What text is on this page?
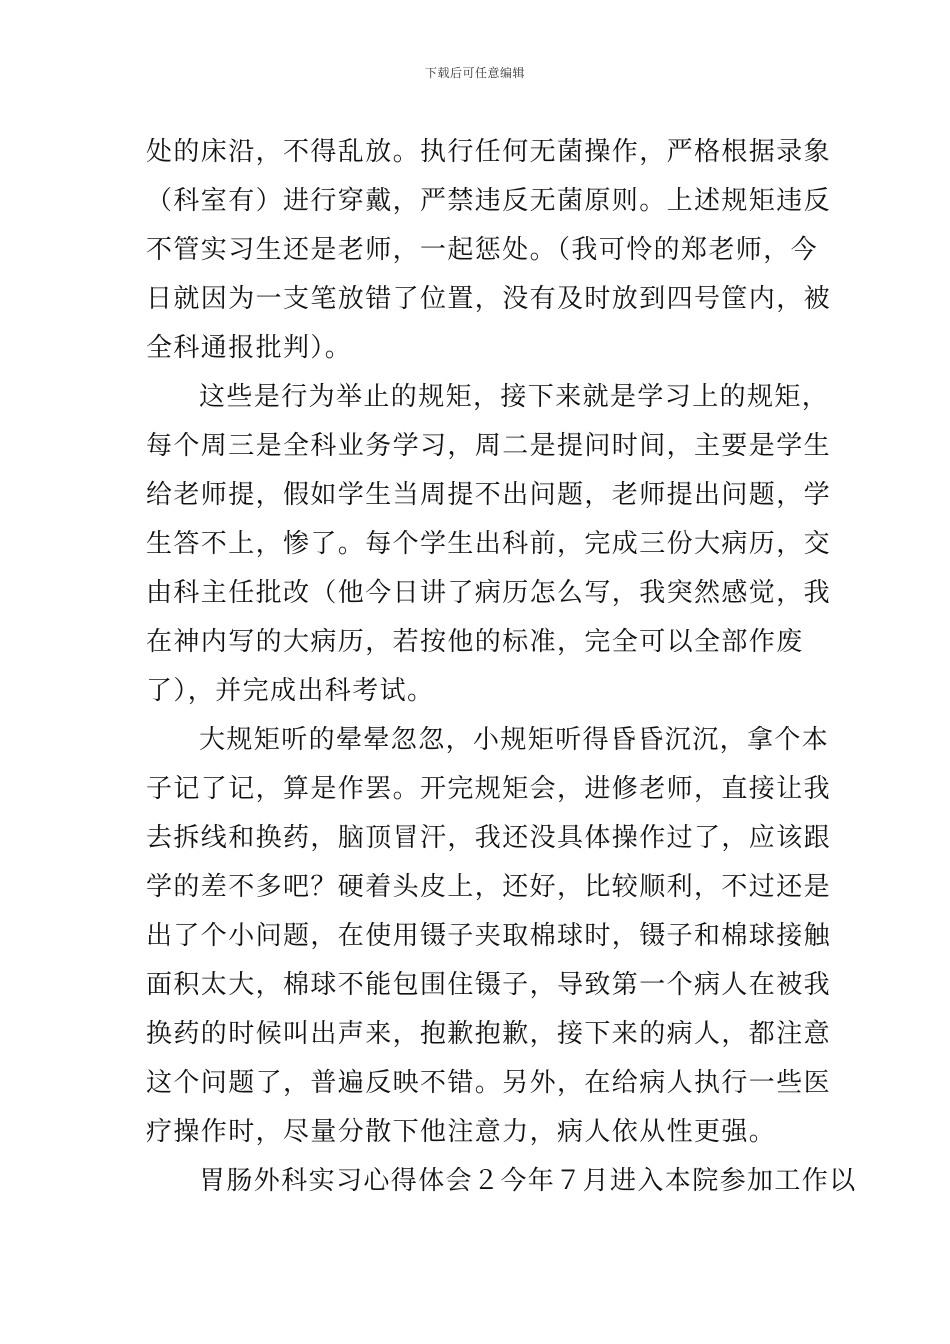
下载后可任意编辑
处的床沿，不得乱放。执行任何无菌操作，严格根据录象
（科室有）进行穿戴，严禁违反无菌原则。上述规矩违反
不管实习生还是老师，一起惩处。（我可怜的郑老师，今
日就因为一支笔放错了位置，没有及时放到四号筐内，被
全科通报批判）。
这些是行为举止的规矩，接下来就是学习上的规矩，
每个周三是全科业务学习，周二是提问时间，主要是学生
给老师提，假如学生当周提不出问题，老师提出问题，学
生答不上，惨了。每个学生出科前，完成三份大病历，交
由科主任批改（他今日讲了病历怎么写，我突然感觉，我
在神内写的大病历，若按他的标准，完全可以全部作废
了），并完成出科考试。
大规矩听的晕晕忽忽，小规矩听得昏昏沉沉，拿个本
子记了记，算是作罢。开完规矩会，进修老师，直接让我
去拆线和换药，脑顶冒汗，我还没具体操作过了，应该跟
学的差不多吧？硬着头皮上，还好，比较顺利，不过还是
出了个小问题，在使用镊子夹取棉球时，镊子和棉球接触
面积太大，棉球不能包围住镊子，导致第一个病人在被我
换药的时候叫出声来，抱歉抱歉，接下来的病人，都注意
这个问题了，普遍反映不错。另外，在给病人执行一些医
疗操作时，尽量分散下他注意力，病人依从性更强。
胃肠外科实习心得体会２今年７月进入本院参加工作以
